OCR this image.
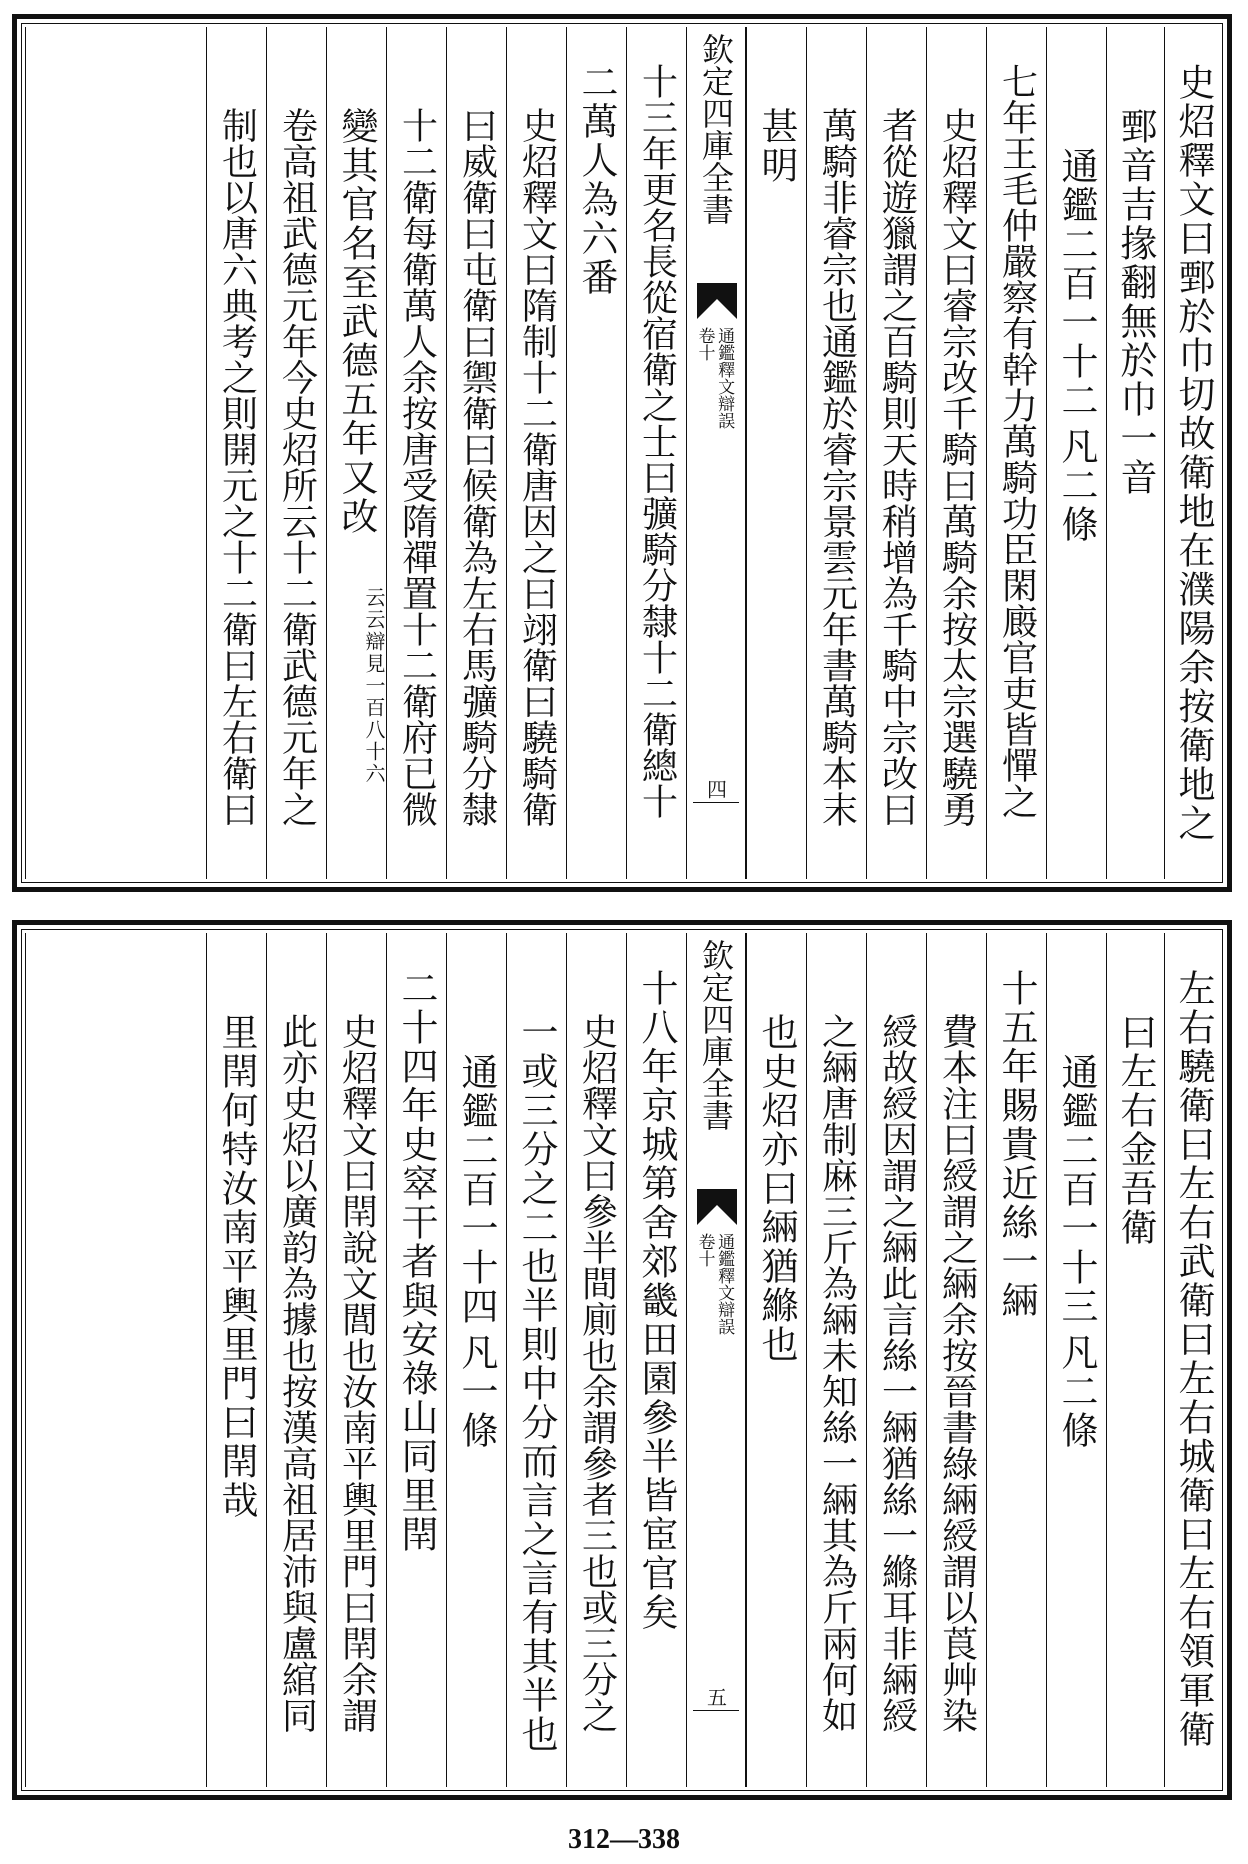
史炤釋文曰鄄於巾切故衛地在濮陽余按衛地之
鄄音吉掾翻無於巾一音
通鑑二百一十二
凡二條
七年王毛仲嚴察有幹力萬騎功臣閑廄官吏皆憚之
史炤釋文曰睿宗改千騎曰萬騎余按太宗選驍勇
者從遊獵謂之百騎則天時稍增為千騎中宗改曰
萬騎非睿宗也通鑑於睿宗景雲元年書萬騎本末
甚明
欽定四庫全書
通鑑釋文辯誤
卷十
四
十三年更名長從宿衛之士曰彍騎分隸十二衛總十
二萬人為六番
史炤釋文曰隋制十二衛唐因之曰翊衛曰驍騎衛
曰威衛曰屯衛曰禦衛曰候衛為左右馬彍騎分隸
十二衛每衛萬人余按唐受隋禪置十二衛府已微
變其官名至武德五年又改
云云辯見一百八十六
卷高祖武德元年今史炤所云十二衛武德元年之
制也以唐六典考之則開元之十二衛曰左右衛曰
左右驍衛曰左右武衛曰左右城衛曰左右領軍衛
曰左右金吾衛
通鑑二百一十三
凡二條
十五年賜貴近絲一緉
費本注曰綬謂之緉余按晉書綠緉綬謂以莨艸染
綬故綬因謂之緉此言絲一緉猶絲一縧耳非緉綬
之緉唐制麻三斤為緉未知絲一緉其為斤兩何如
也史炤亦曰緉猶縧也
欽定四庫全書
通鑑釋文辯誤
卷十
五
十八年京城第舍郊畿田園參半皆宦官矣
史炤釋文曰參半間廁也余謂參者三也或三分之
一或三分之二也半則中分而言之言有其半也
通鑑二百一十四
凡一條
二十四年史窣干者與安祿山同里閈
史炤釋文曰閈說文閭也汝南平輿里門曰閈余謂
此亦史炤以廣韵為據也按漢高祖居沛與盧綰同
里閈何特汝南平輿里門曰閈哉
312—338
